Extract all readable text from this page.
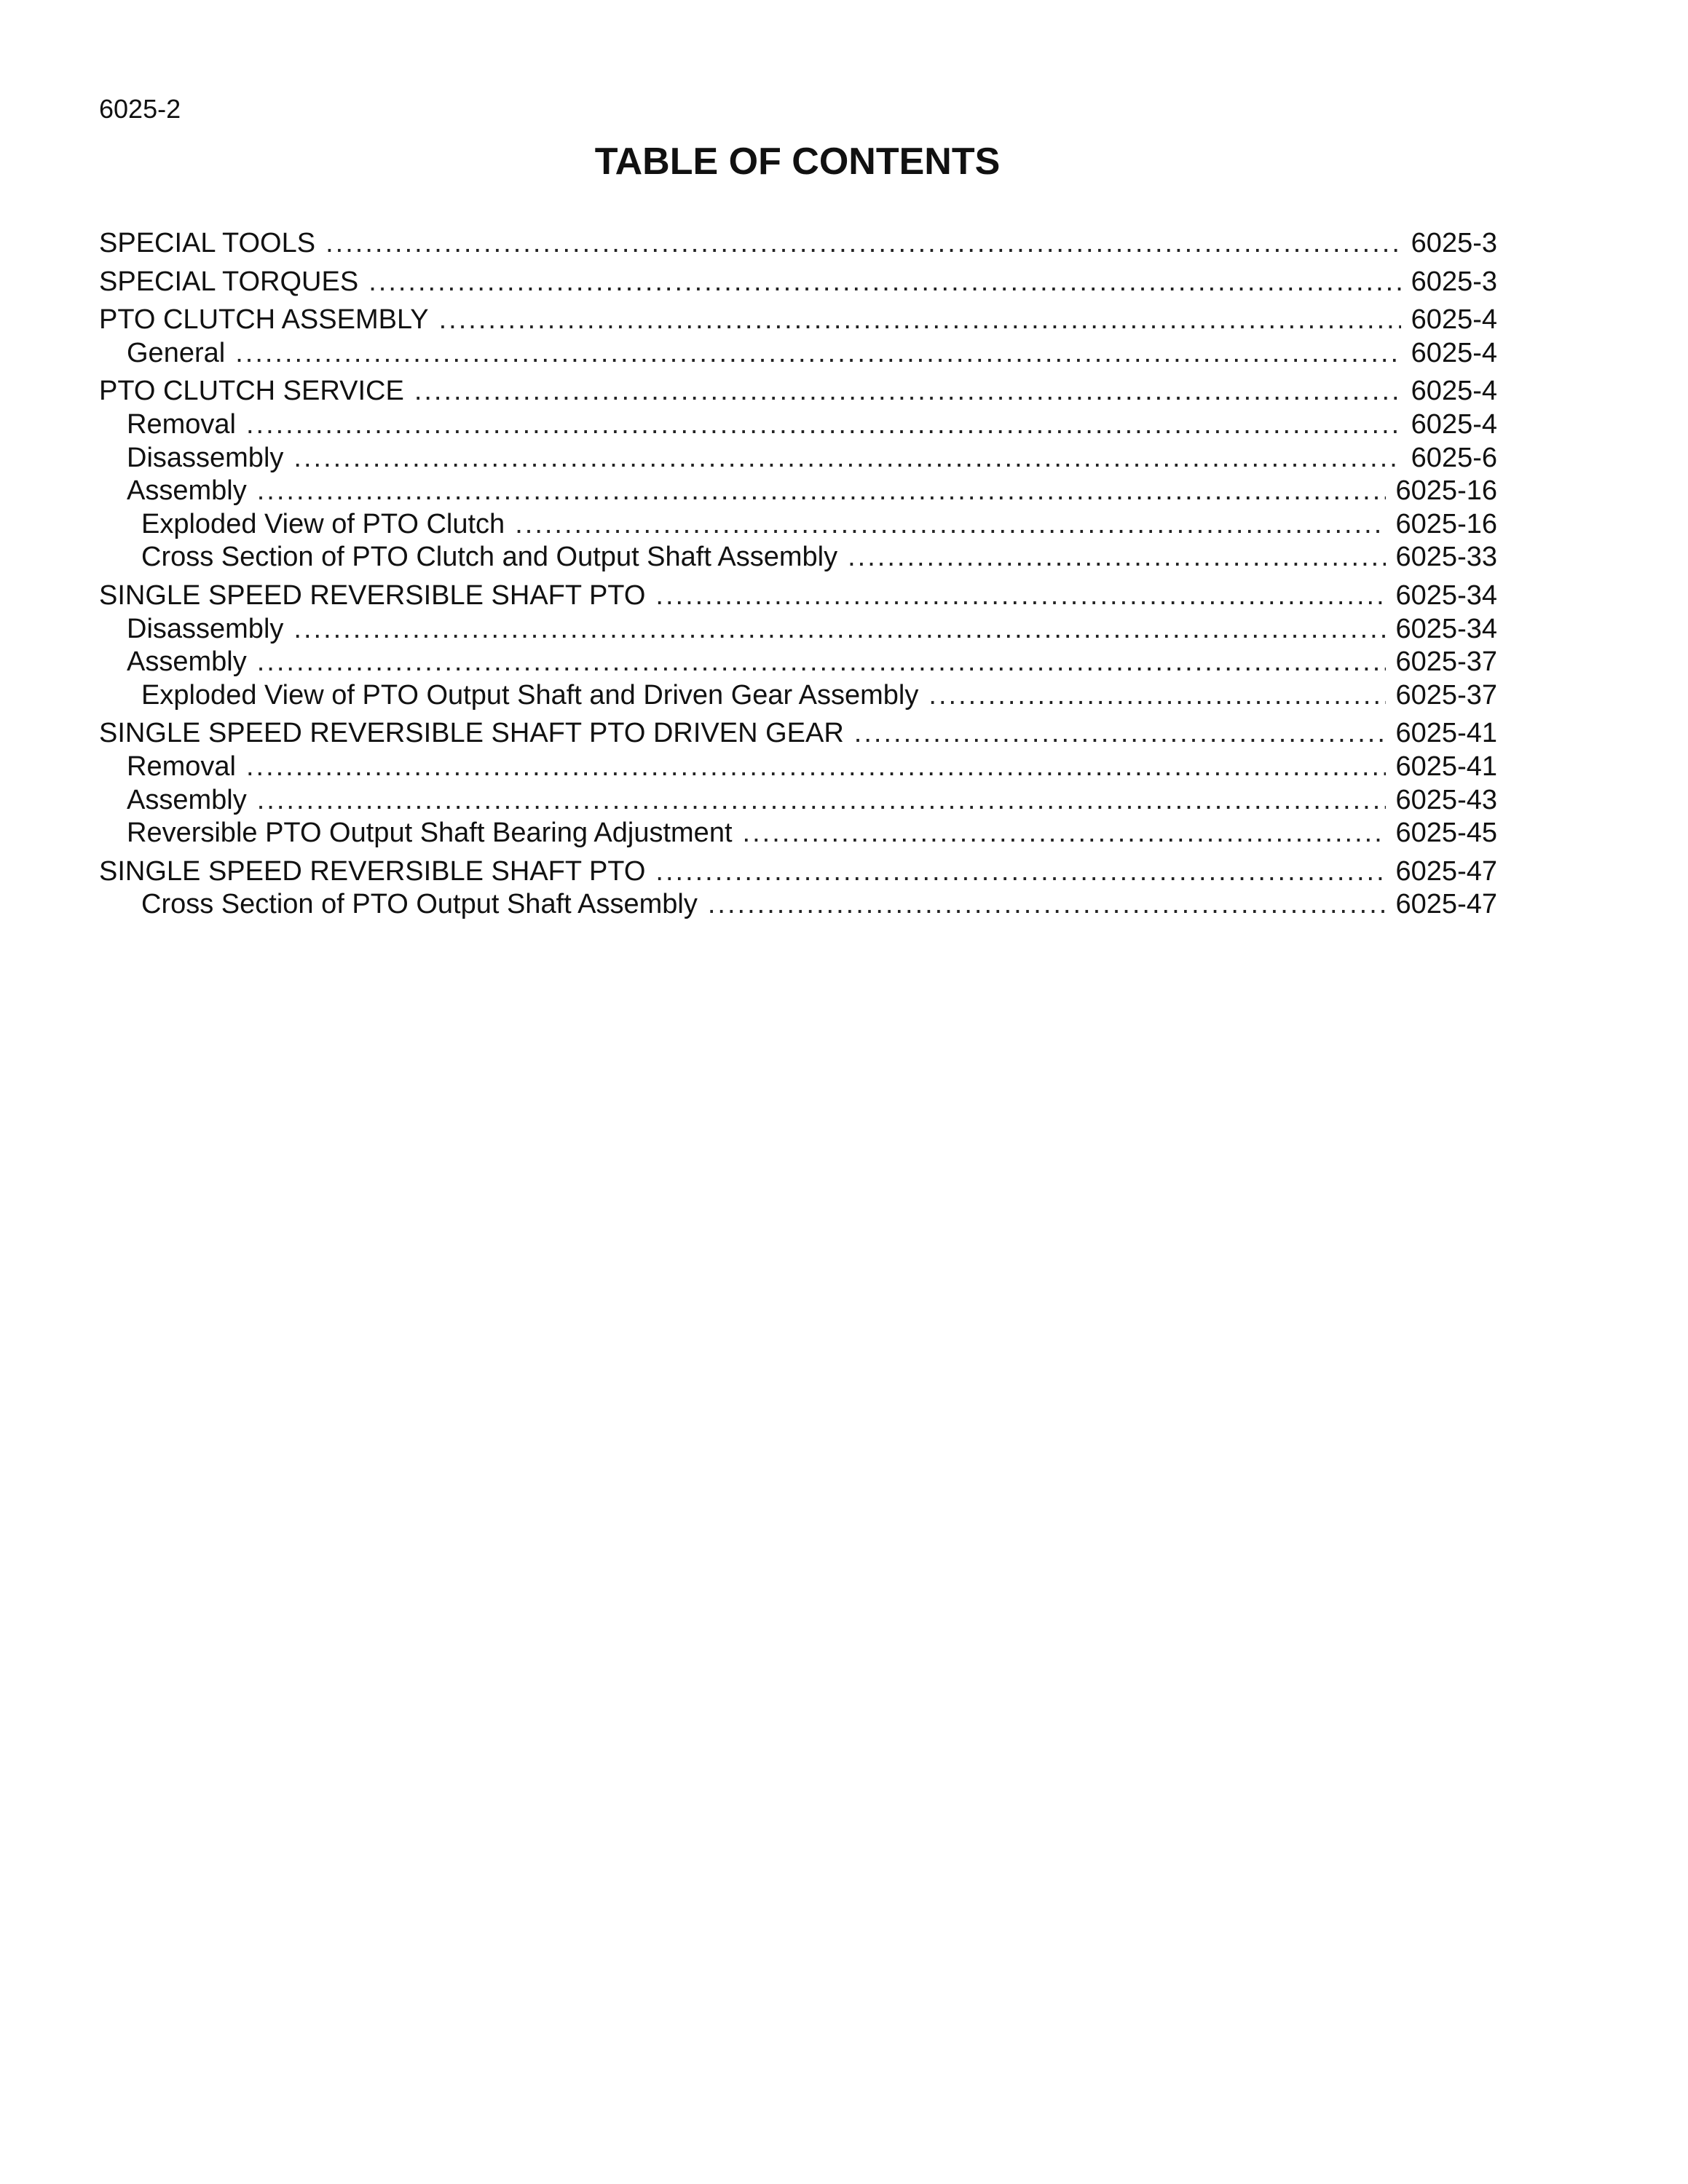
6025-2
TABLE OF CONTENTS
SPECIAL TOOLS .....	6025-3
SPECIAL TORQUES .....	6025-3
PTO CLUTCH ASSEMBLY .....	6025-4
General .....	6025-4
PTO CLUTCH SERVICE .....	6025-4
Removal .....	6025-4
Disassembly .....	6025-6
Assembly .....	6025-16
Exploded View of PTO Clutch .....	6025-16
Cross Section of PTO Clutch and Output Shaft Assembly .....	6025-33
SINGLE SPEED REVERSIBLE SHAFT PTO .....	6025-34
Disassembly .....	6025-34
Assembly .....	6025-37
Exploded View of PTO Output Shaft and Driven Gear Assembly .....	6025-37
SINGLE SPEED REVERSIBLE SHAFT PTO DRIVEN GEAR .....	6025-41
Removal .....	6025-41
Assembly .....	6025-43
Reversible PTO Output Shaft Bearing Adjustment .....	6025-45
SINGLE SPEED REVERSIBLE SHAFT PTO .....	6025-47
Cross Section of PTO Output Shaft Assembly .....	6025-47
